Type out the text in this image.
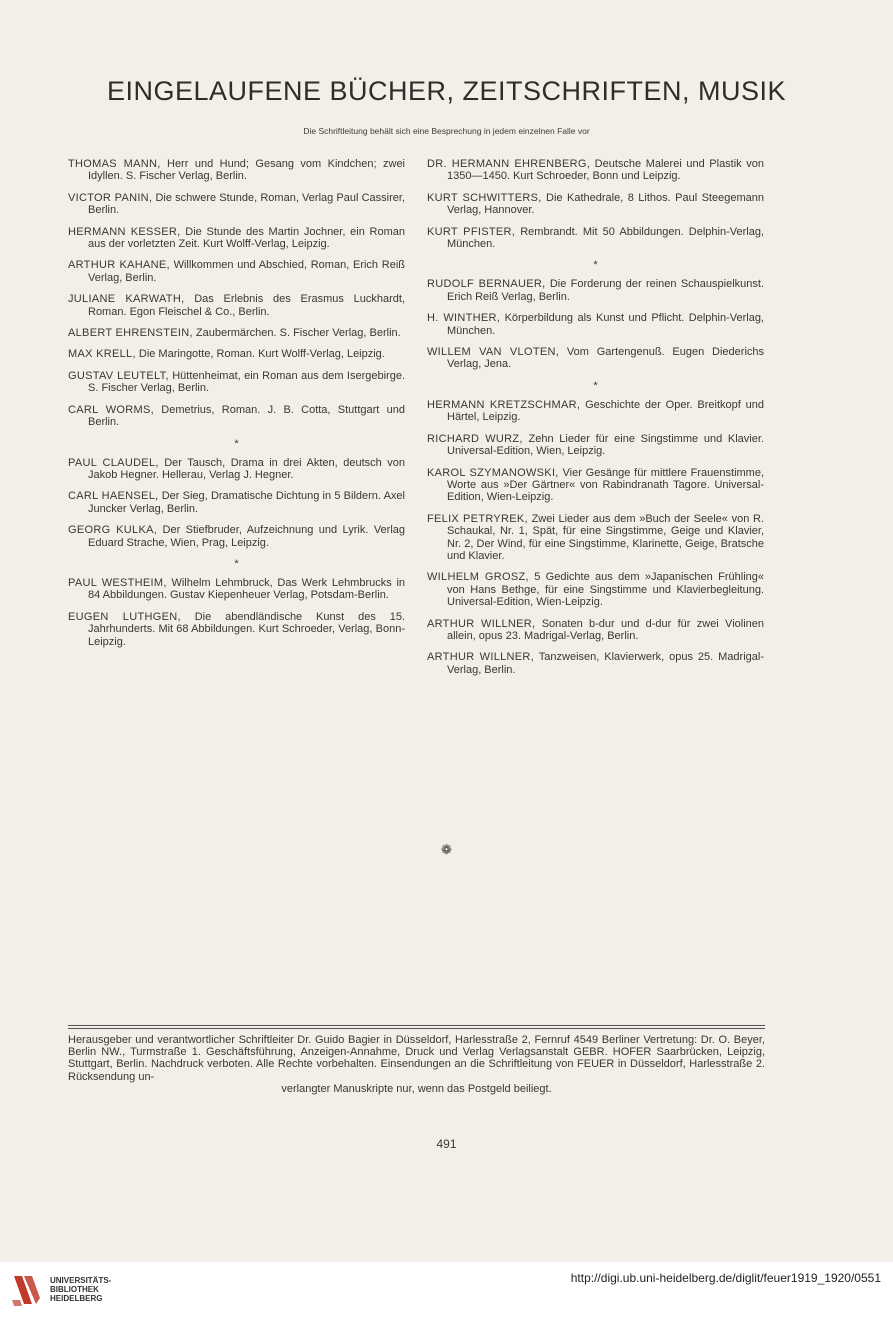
EINGELAUFENE BÜCHER, ZEITSCHRIFTEN, MUSIK
Die Schriftleitung behält sich eine Besprechung in jedem einzelnen Falle vor

THOMAS MANN, Herr und Hund; Gesang vom Kindchen; zwei Idyllen. S. Fischer Verlag, Berlin.

VICTOR PANIN, Die schwere Stunde, Roman, Verlag Paul Cassirer, Berlin.

HERMANN KESSER, Die Stunde des Martin Jochner, ein Roman aus der vorletzten Zeit. Kurt Wolff-Verlag, Leipzig.

ARTHUR KAHANE, Willkommen und Abschied, Roman, Erich Reiß Verlag, Berlin.

JULIANE KARWATH, Das Erlebnis des Erasmus Luckhardt, Roman. Egon Fleischel & Co., Berlin.

ALBERT EHRENSTEIN, Zaubermärchen. S. Fischer Verlag, Berlin.

MAX KRELL, Die Maringotte, Roman. Kurt Wolff-Verlag, Leipzig.

GUSTAV LEUTELT, Hüttenheimat, ein Roman aus dem Isergebirge. S. Fischer Verlag, Berlin.

CARL WORMS, Demetrius, Roman. J. B. Cotta, Stuttgart und Berlin.

*

PAUL CLAUDEL, Der Tausch, Drama in drei Akten, deutsch von Jakob Hegner. Hellerau, Verlag J. Hegner.

CARL HAENSEL, Der Sieg, Dramatische Dichtung in 5 Bildern. Axel Juncker Verlag, Berlin.

GEORG KULKA, Der Stiefbruder, Aufzeichnung und Lyrik. Verlag Eduard Strache, Wien, Prag, Leipzig.

*

PAUL WESTHEIM, Wilhelm Lehmbruck, Das Werk Lehmbrucks in 84 Abbildungen. Gustav Kiepenheuer Verlag, Potsdam-Berlin.

EUGEN LUTHGEN, Die abendländische Kunst des 15. Jahrhunderts. Mit 68 Abbildungen. Kurt Schroeder, Verlag, Bonn-Leipzig.

DR. HERMANN EHRENBERG, Deutsche Malerei und Plastik von 1350—1450. Kurt Schroeder, Bonn und Leipzig.

KURT SCHWITTERS, Die Kathedrale, 8 Lithos. Paul Steegemann Verlag, Hannover.

KURT PFISTER, Rembrandt. Mit 50 Abbildungen. Delphin-Verlag, München.

*

RUDOLF BERNAUER, Die Forderung der reinen Schauspielkunst. Erich Reiß Verlag, Berlin.

H. WINTHER, Körperbildung als Kunst und Pflicht. Delphin-Verlag, München.

WILLEM VAN VLOTEN, Vom Gartengenuß. Eugen Diederichs Verlag, Jena.

*

HERMANN KRETZSCHMAR, Geschichte der Oper. Breitkopf und Härtel, Leipzig.

RICHARD WURZ, Zehn Lieder für eine Singstimme und Klavier. Universal-Edition, Wien, Leipzig.

KAROL SZYMANOWSKI, Vier Gesänge für mittlere Frauenstimme, Worte aus »Der Gärtner« von Rabindranath Tagore. Universal-Edition, Wien-Leipzig.

FELIX PETRYREK, Zwei Lieder aus dem »Buch der Seele« von R. Schaukal, Nr. 1, Spät, für eine Singstimme, Geige und Klavier, Nr. 2, Der Wind, für eine Singstimme, Klarinette, Geige, Bratsche und Klavier.

WILHELM GROSZ, 5 Gedichte aus dem »Japanischen Frühling« von Hans Bethge, für eine Singstimme und Klavierbegleitung. Universal-Edition, Wien-Leipzig.

ARTHUR WILLNER, Sonaten b-dur und d-dur für zwei Violinen allein, opus 23. Madrigal-Verlag, Berlin.

ARTHUR WILLNER, Tanzweisen, Klavierwerk, opus 25. Madrigal-Verlag, Berlin.

❁

Herausgeber und verantwortlicher Schriftleiter Dr. Guido Bagier in Düsseldorf, Harlesstraße 2, Fernruf 4549 Berliner Vertretung: Dr. O. Beyer, Berlin NW., Turmstraße 1. Geschäftsführung, Anzeigen-Annahme, Druck und Verlag Verlagsanstalt GEBR. HOFER Saarbrücken, Leipzig, Stuttgart, Berlin. Nachdruck verboten. Alle Rechte vorbehalten. Einsendungen an die Schriftleitung von FEUER in Düsseldorf, Harlesstraße 2. Rücksendung un-

verlangter Manuskripte nur, wenn das Postgeld beiliegt.

491
UNIVERSITÄTS-
BIBLIOTHEK
HEIDELBERG
http://digi.ub.uni-heidelberg.de/diglit/feuer1919_1920/0551
